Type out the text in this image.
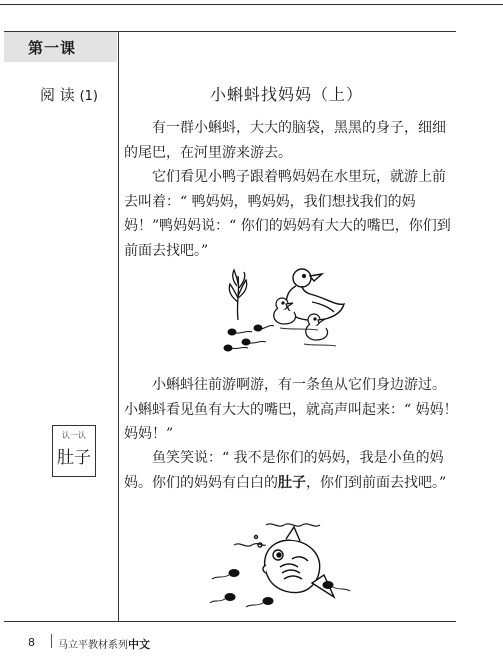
第一课
阅 读 (1)	小蝌蚪找妈妈（上）

　　有一群小蝌蚪，大大的脑袋，黑黑的身子，细细的尾巴，在河里游来游去。

　　它们看见小鸭子跟着鸭妈妈在水里玩，就游上前去叫着：“ 鸭妈妈，鸭妈妈，我们想找我们的妈妈！”鸭妈妈说：“ 你们的妈妈有大大的嘴巴，你们到前面去找吧。”

　　小蝌蚪往前游啊游，有一条鱼从它们身边游过。小蝌蚪看见鱼有大大的嘴巴，就高声叫起来：“ 妈妈！妈妈！”

认一认
肚子 　　鱼笑笑说：“ 我不是你们的妈妈，我是小鱼的妈妈。你们的妈妈有白白的肚子，你们到前面去找吧。”

8 马立平教材系列中文
